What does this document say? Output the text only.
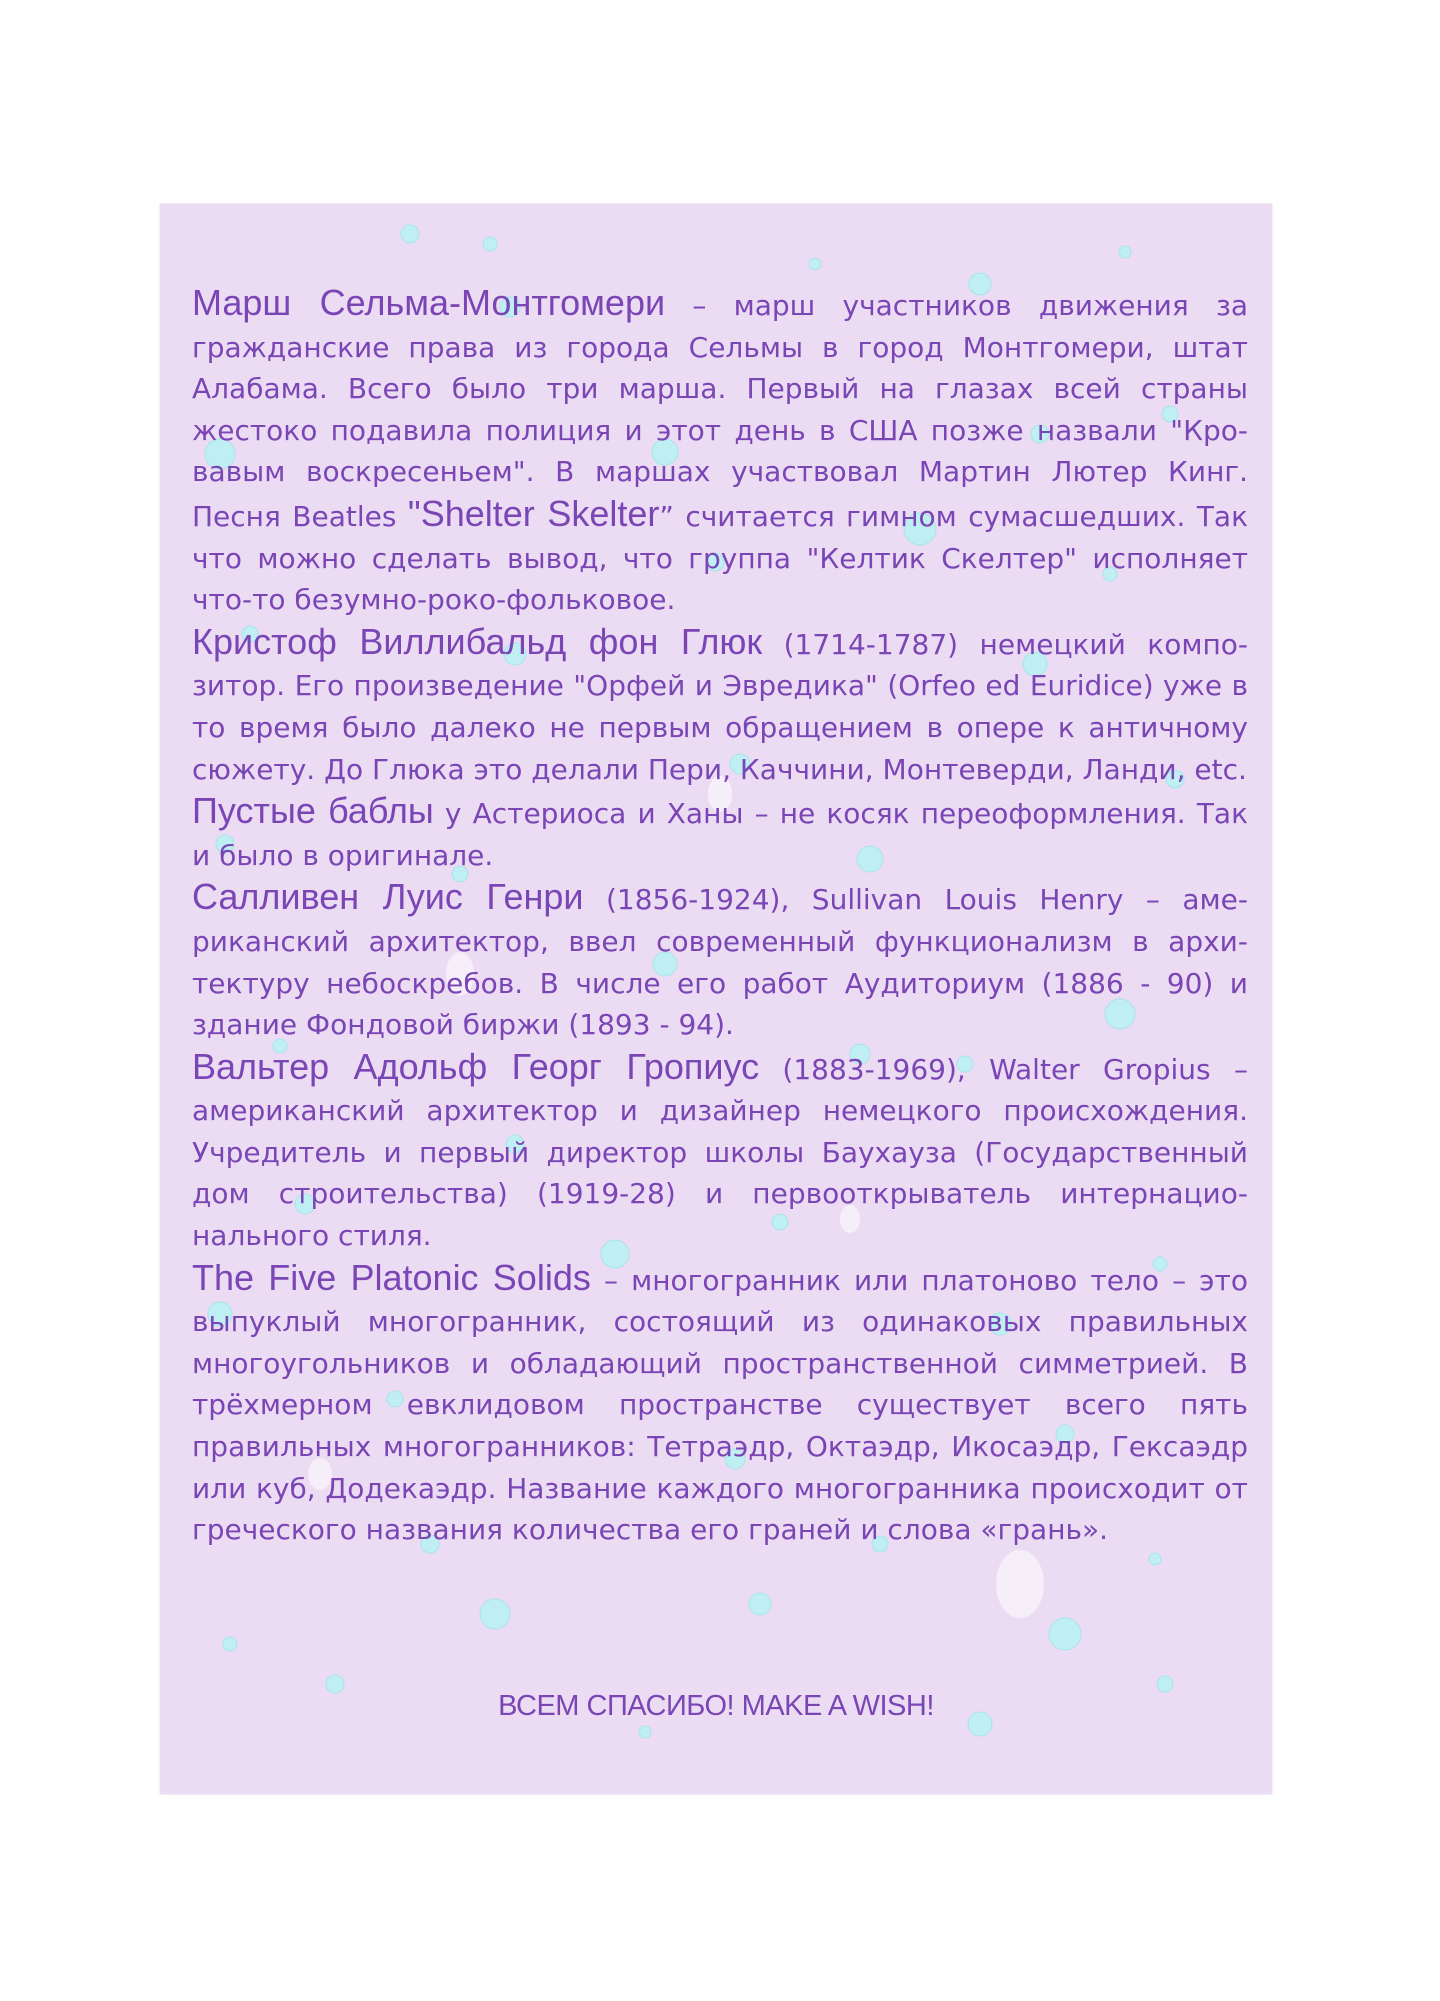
Марш Сельма-Монтгомери – марш участников движения за гражданские права из города Сельмы в город Монтгомери, штат Алабама. Всего было три марша. Первый на глазах всей страны жестоко подавила полиция и этот день в США позже назвали "Кровавым воскресеньем". В маршах участвовал Мартин Лютер Кинг. Песня Beatles "Shelter Skelter” считается гимном сумасшедших. Так что можно сделать вывод, что группа "Келтик Скелтер" исполняет что-то безумно-роко-фольковое.

Кристоф Виллибальд фон Глюк (1714-1787) немецкий композитор. Его произведение "Орфей и Эвредика" (Orfeo ed Euridice) уже в то время было далеко не первым обращением в опере к античному сюжету. До Глюка это делали Пери, Каччини, Монтеверди, Ланди, etc.

Пустые баблы у Астериоса и Ханы – не косяк переоформления. Так и было в оригинале.

Салливен Луис Генри (1856-1924), Sullivan Louis Henry – американский архитектор, ввел современный функционализм в архитектуру небоскребов. В числе его работ Аудиториум (1886 - 90) и здание Фондовой биржи (1893 - 94).

Вальтер Адольф Георг Гропиус (1883-1969), Walter Gropius – американский архитектор и дизайнер немецкого происхождения. Учредитель и первый директор школы Баухауза (Государственный дом строительства) (1919-28) и первооткрыватель интернационального стиля.

The Five Platonic Solids – многогранник или платоново тело – это выпуклый многогранник, состоящий из одинаковых правильных многоугольников и обладающий пространственной симметрией. В трёхмерном евклидовом пространстве существует всего пять правильных многогранников: Тетраэдр, Октаэдр, Икосаэдр, Гексаэдр или куб, Додекаэдр. Название каждого многогранника происходит от греческого названия количества его граней и слова «грань».

ВСЕМ СПАСИБО! MAKE A WISH!
